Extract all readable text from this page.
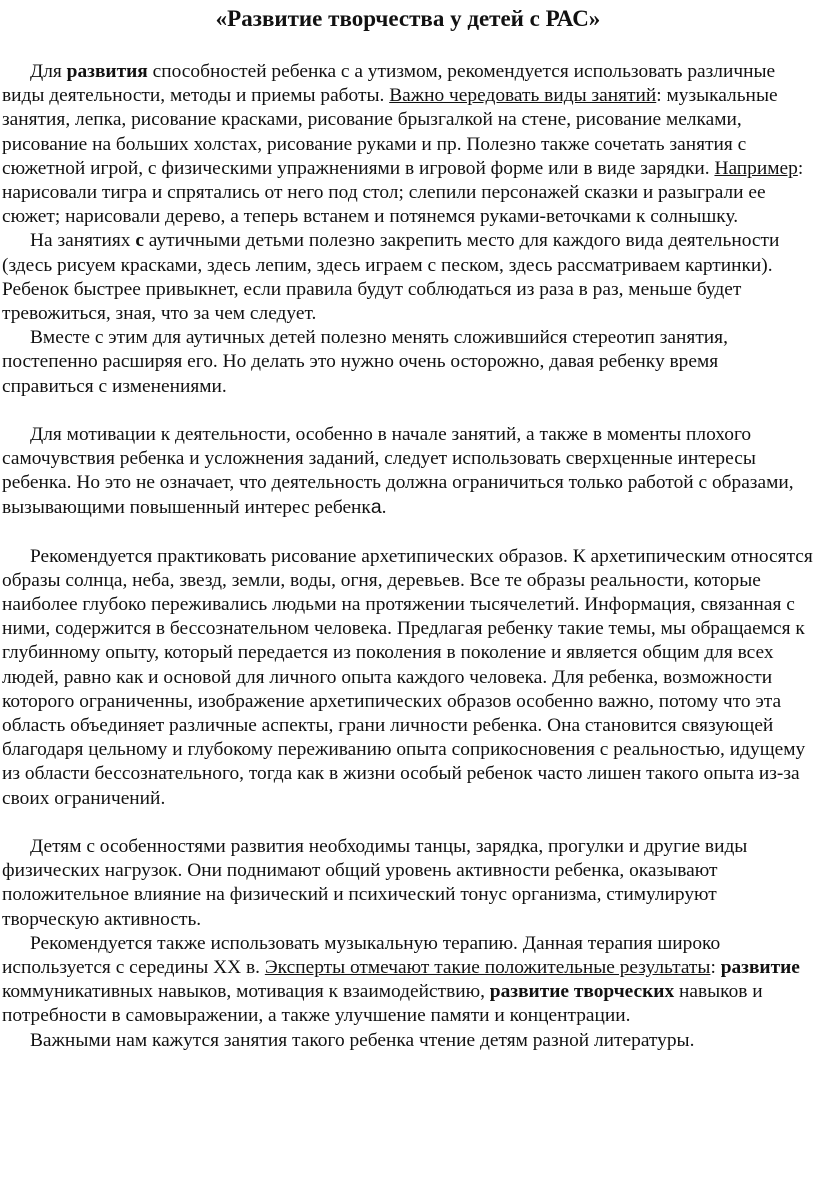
«Развитие творчества у детей с РАС»

Для развития способностей ребенка с а утизмом, рекомендуется использовать различные виды деятельности, методы и приемы работы. Важно чередовать виды занятий: музыкальные занятия, лепка, рисование красками, рисование брызгалкой на стене, рисование мелками, рисование на больших холстах, рисование руками и пр. Полезно также сочетать занятия с сюжетной игрой, с физическими упражнениями в игровой форме или в виде зарядки. Например: нарисовали тигра и спрятались от него под стол; слепили персонажей сказки и разыграли ее сюжет; нарисовали дерево, а теперь встанем и потянемся руками-веточками к солнышку.

На занятиях с аутичными детьми полезно закрепить место для каждого вида деятельности (здесь рисуем красками, здесь лепим, здесь играем с песком, здесь рассматриваем картинки). Ребенок быстрее привыкнет, если правила будут соблюдаться из раза в раз, меньше будет тревожиться, зная, что за чем следует.

Вместе с этим для аутичных детей полезно менять сложившийся стереотип занятия, постепенно расширяя его. Но делать это нужно очень осторожно, давая ребенку время справиться с изменениями.

Для мотивации к деятельности, особенно в начале занятий, а также в моменты плохого самочувствия ребенка и усложнения заданий, следует использовать сверхценные интересы ребенка. Но это не означает, что деятельность должна ограничиться только работой с образами, вызывающими повышенный интерес ребенка.

Рекомендуется практиковать рисование архетипических образов. К архетипическим относятся образы солнца, неба, звезд, земли, воды, огня, деревьев. Все те образы реальности, которые наиболее глубоко переживались людьми на протяжении тысячелетий. Информация, связанная с ними, содержится в бессознательном человека. Предлагая ребенку такие темы, мы обращаемся к глубинному опыту, который передается из поколения в поколение и является общим для всех людей, равно как и основой для личного опыта каждого человека. Для ребенка, возможности которого ограниченны, изображение архетипических образов особенно важно, потому что эта область объединяет различные аспекты, грани личности ребенка. Она становится связующей благодаря цельному и глубокому переживанию опыта соприкосновения с реальностью, идущему из области бессознательного, тогда как в жизни особый ребенок часто лишен такого опыта из-за своих ограничений.

Детям с особенностями развития необходимы танцы, зарядка, прогулки и другие виды физических нагрузок. Они поднимают общий уровень активности ребенка, оказывают положительное влияние на физический и психический тонус организма, стимулируют творческую активность.

Рекомендуется также использовать музыкальную терапию. Данная терапия широко используется с середины XX в. Эксперты отмечают такие положительные результаты: развитие коммуникативных навыков, мотивация к взаимодействию, развитие творческих навыков и потребности в самовыражении, а также улучшение памяти и концентрации.

Важными нам кажутся занятия такого ребенка чтение детям разной литературы.
